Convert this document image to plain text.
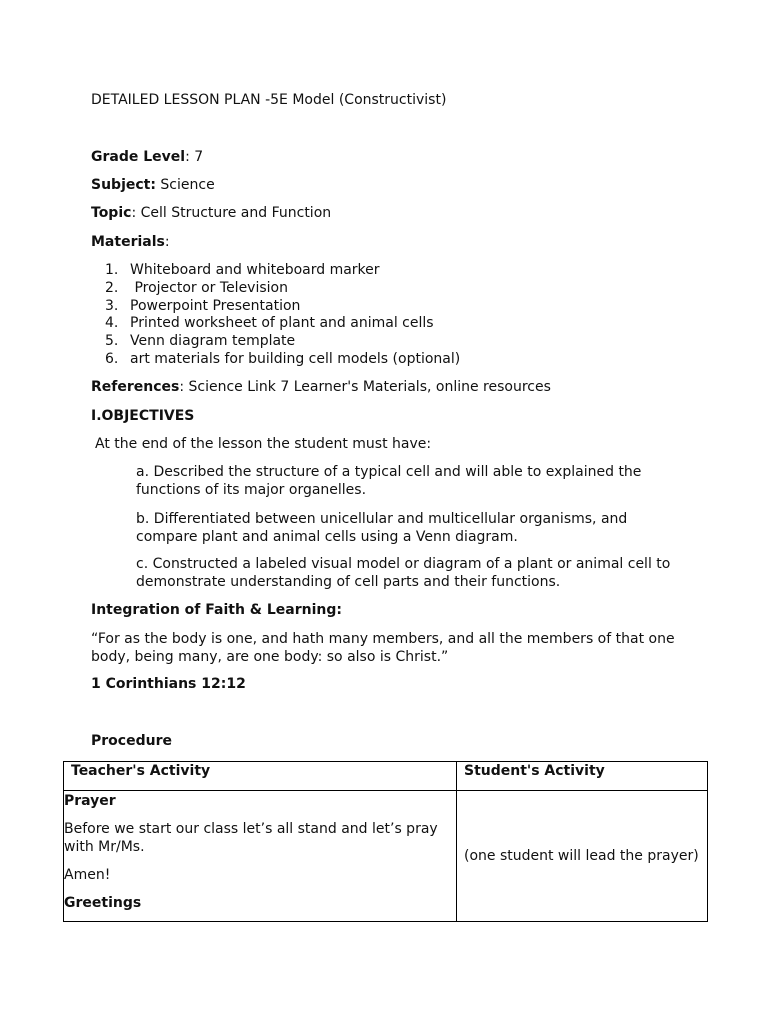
DETAILED LESSON PLAN -5E Model (Constructivist)
Grade Level: 7
Subject: Science
Topic: Cell Structure and Function
Materials:
1. Whiteboard and whiteboard marker
2. Projector or Television
3. Powerpoint Presentation
4. Printed worksheet of plant and animal cells
5. Venn diagram template
6. art materials for building cell models (optional)
References: Science Link 7 Learner's Materials, online resources
I.OBJECTIVES
At the end of the lesson the student must have:
a. Described the structure of a typical cell and will able to explained the functions of its major organelles.
b. Differentiated between unicellular and multicellular organisms, and compare plant and animal cells using a Venn diagram.
c. Constructed a labeled visual model or diagram of a plant or animal cell to demonstrate understanding of cell parts and their functions.
Integration of Faith & Learning:
“For as the body is one, and hath many members, and all the members of that one body, being many, are one body: so also is Christ.”
1 Corinthians 12:12
Procedure
Teacher's Activity	Student's Activity

Prayer
Before we start our class let’s all stand and let’s pray with Mr/Ms.
Amen!
Greetings	(one student will lead the prayer)
